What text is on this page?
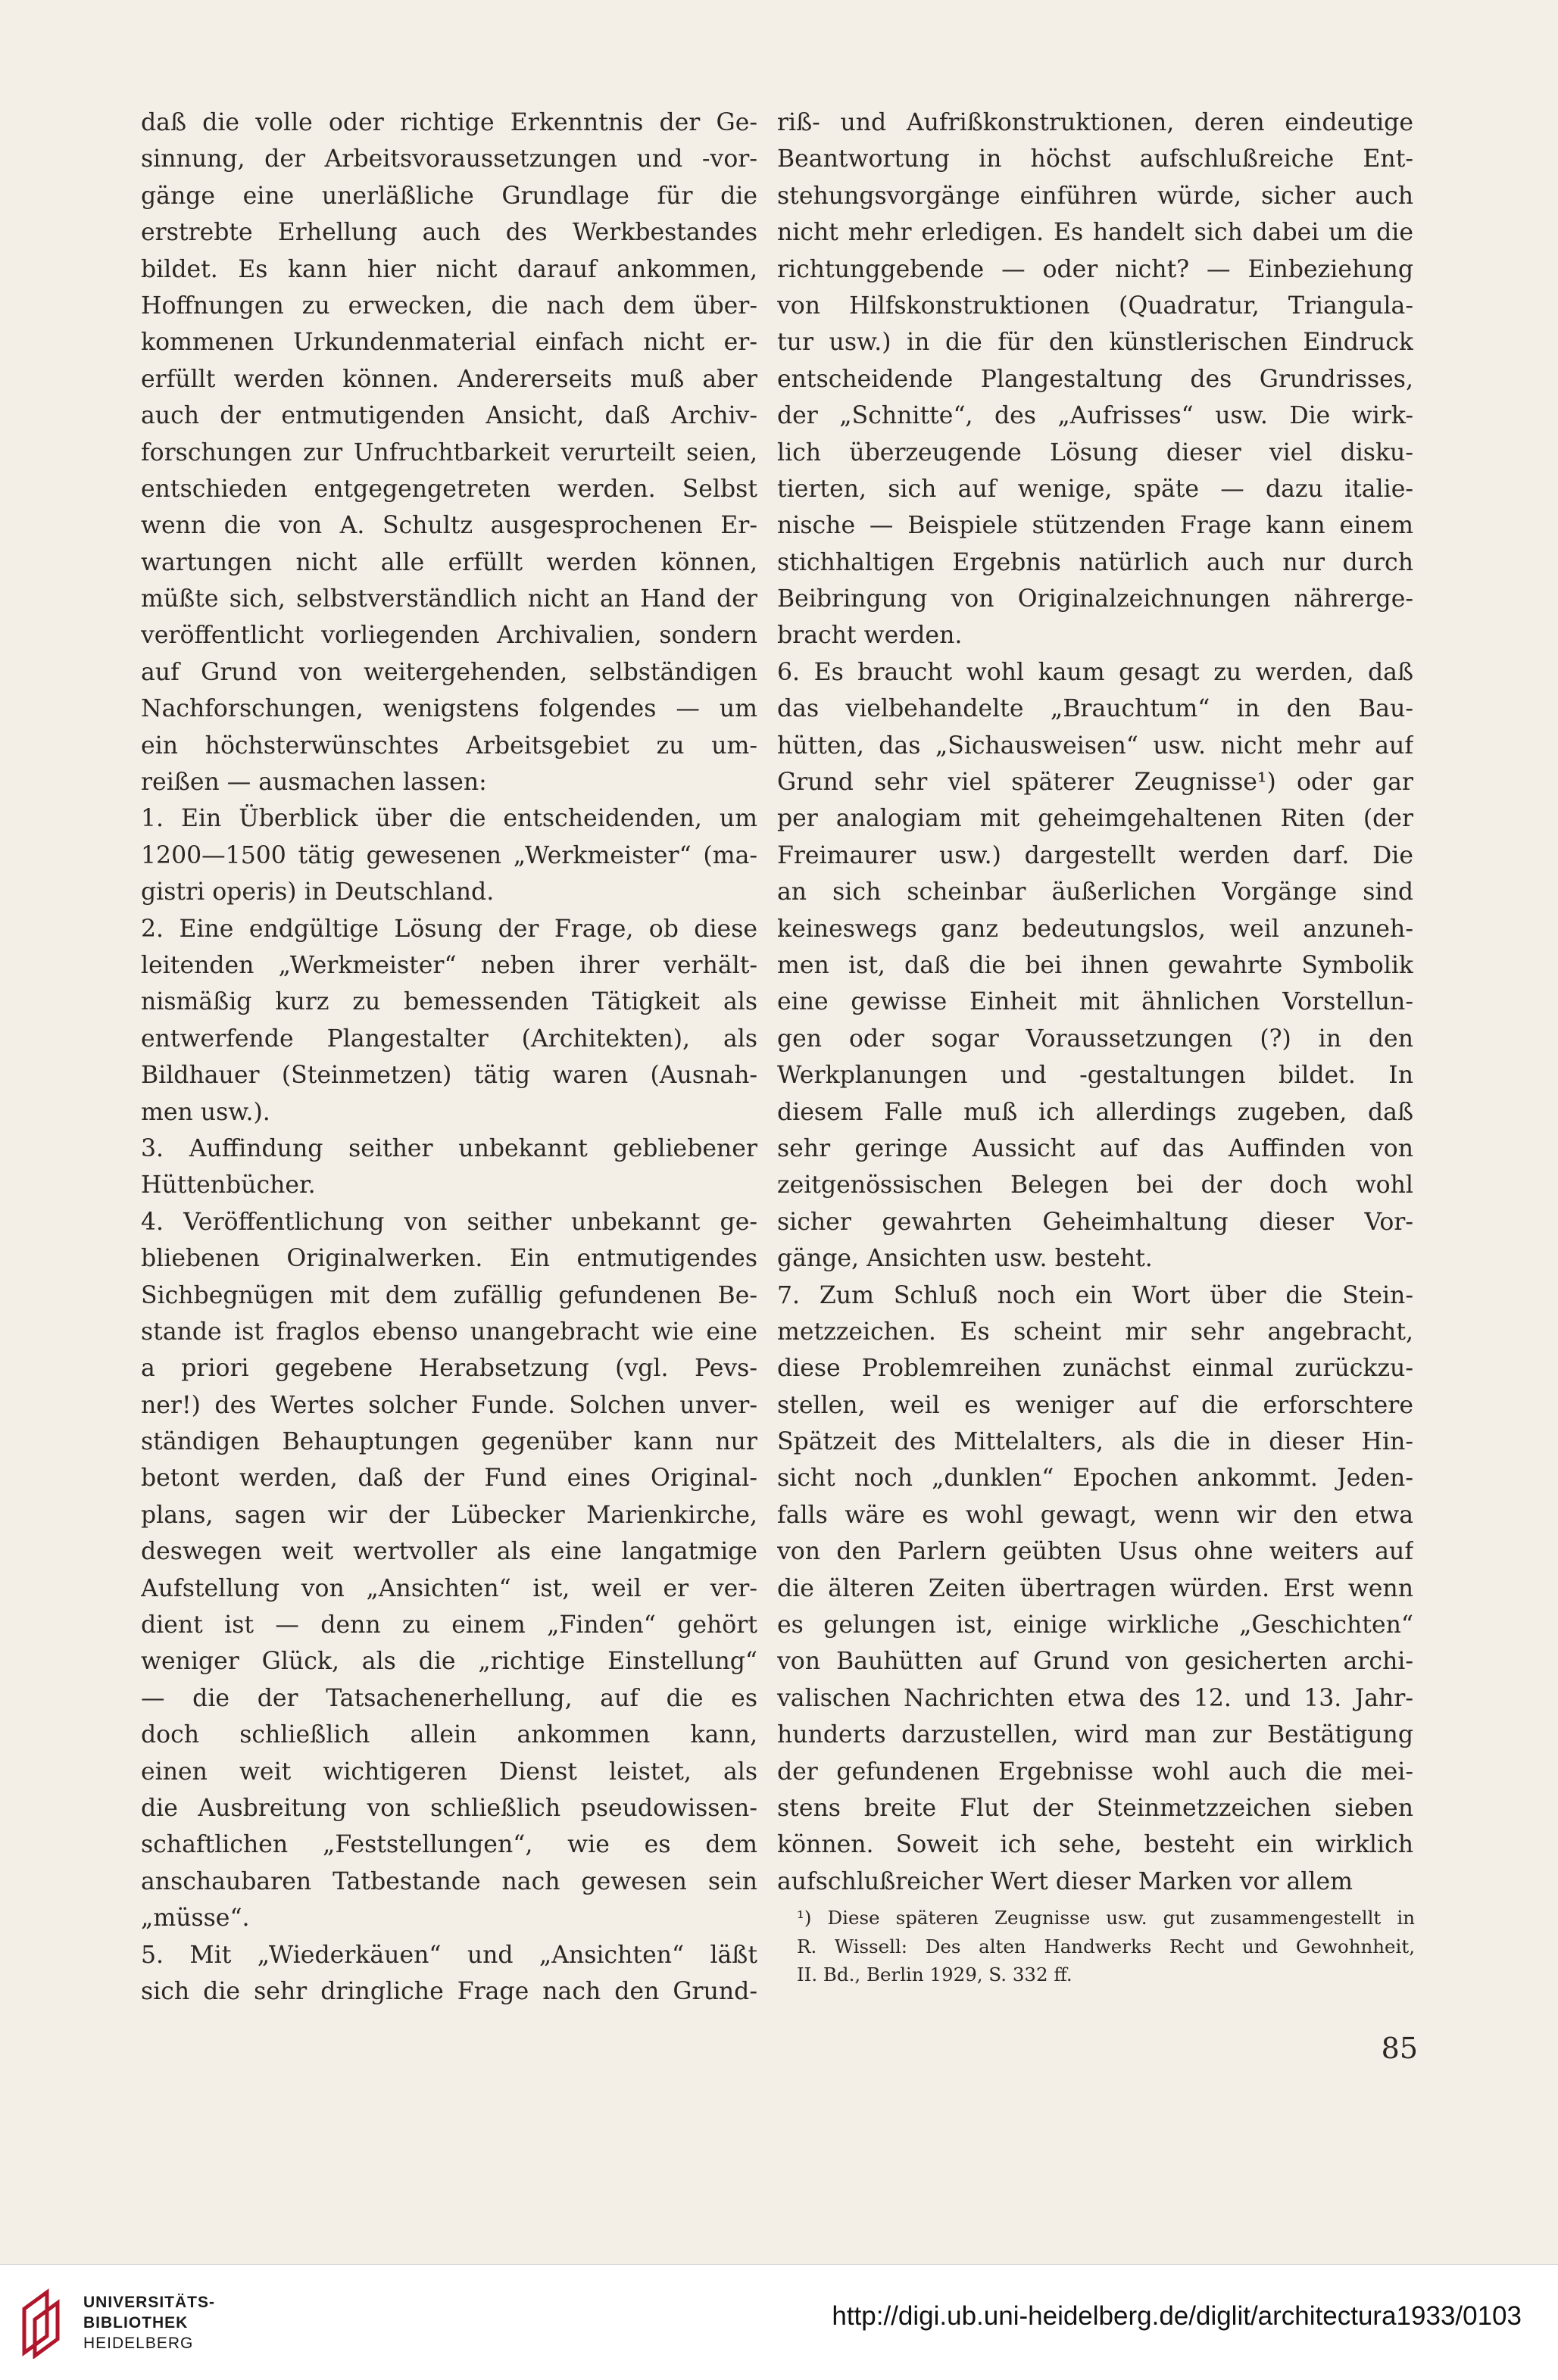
daß die volle oder richtige Erkenntnis der Ge-
sinnung, der Arbeitsvoraussetzungen und -vor-
gänge eine unerläßliche Grundlage für die
erstrebte Erhellung auch des Werkbestandes
bildet. Es kann hier nicht darauf ankommen,
Hoffnungen zu erwecken, die nach dem über-
kommenen Urkundenmaterial einfach nicht er-
erfüllt werden können. Andererseits muß aber
auch der entmutigenden Ansicht, daß Archiv-
forschungen zur Unfruchtbarkeit verurteilt seien,
entschieden entgegengetreten werden. Selbst
wenn die von A. Schultz ausgesprochenen Er-
wartungen nicht alle erfüllt werden können,
müßte sich, selbstverständlich nicht an Hand der
veröffentlicht vorliegenden Archivalien, sondern
auf Grund von weitergehenden, selbständigen
Nachforschungen, wenigstens folgendes — um
ein höchsterwünschtes Arbeitsgebiet zu um-
reißen — ausmachen lassen:
1. Ein Überblick über die entscheidenden, um
1200—1500 tätig gewesenen „Werkmeister“ (ma-
gistri operis) in Deutschland.
2. Eine endgültige Lösung der Frage, ob diese
leitenden „Werkmeister“ neben ihrer verhält-
nismäßig kurz zu bemessenden Tätigkeit als
entwerfende Plangestalter (Architekten), als
Bildhauer (Steinmetzen) tätig waren (Ausnah-
men usw.).
3. Auffindung seither unbekannt gebliebener
Hüttenbücher.
4. Veröffentlichung von seither unbekannt ge-
bliebenen Originalwerken. Ein entmutigendes
Sichbegnügen mit dem zufällig gefundenen Be-
stande ist fraglos ebenso unangebracht wie eine
a priori gegebene Herabsetzung (vgl. Pevs-
ner!) des Wertes solcher Funde. Solchen unver-
ständigen Behauptungen gegenüber kann nur
betont werden, daß der Fund eines Original-
plans, sagen wir der Lübecker Marienkirche,
deswegen weit wertvoller als eine langatmige
Aufstellung von „Ansichten“ ist, weil er ver-
dient ist — denn zu einem „Finden“ gehört
weniger Glück, als die „richtige Einstellung“
— die der Tatsachenerhellung, auf die es
doch schließlich allein ankommen kann,
einen weit wichtigeren Dienst leistet, als
die Ausbreitung von schließlich pseudowissen-
schaftlichen „Feststellungen“, wie es dem
anschaubaren Tatbestande nach gewesen sein
„müsse“.
5. Mit „Wiederkäuen“ und „Ansichten“ läßt
sich die sehr dringliche Frage nach den Grund-
riß- und Aufrißkonstruktionen, deren eindeutige
Beantwortung in höchst aufschlußreiche Ent-
stehungsvorgänge einführen würde, sicher auch
nicht mehr erledigen. Es handelt sich dabei um die
richtunggebende — oder nicht? — Einbeziehung
von Hilfskonstruktionen (Quadratur, Triangula-
tur usw.) in die für den künstlerischen Eindruck
entscheidende Plangestaltung des Grundrisses,
der „Schnitte“, des „Aufrisses“ usw. Die wirk-
lich überzeugende Lösung dieser viel disku-
tierten, sich auf wenige, späte — dazu italie-
nische — Beispiele stützenden Frage kann einem
stichhaltigen Ergebnis natürlich auch nur durch
Beibringung von Originalzeichnungen nährerge-
bracht werden.
6. Es braucht wohl kaum gesagt zu werden, daß
das vielbehandelte „Brauchtum“ in den Bau-
hütten, das „Sichausweisen“ usw. nicht mehr auf
Grund sehr viel späterer Zeugnisse¹) oder gar
per analogiam mit geheimgehaltenen Riten (der
Freimaurer usw.) dargestellt werden darf. Die
an sich scheinbar äußerlichen Vorgänge sind
keineswegs ganz bedeutungslos, weil anzuneh-
men ist, daß die bei ihnen gewahrte Symbolik
eine gewisse Einheit mit ähnlichen Vorstellun-
gen oder sogar Voraussetzungen (?) in den
Werkplanungen und -gestaltungen bildet. In
diesem Falle muß ich allerdings zugeben, daß
sehr geringe Aussicht auf das Auffinden von
zeitgenössischen Belegen bei der doch wohl
sicher gewahrten Geheimhaltung dieser Vor-
gänge, Ansichten usw. besteht.
7. Zum Schluß noch ein Wort über die Stein-
metzzeichen. Es scheint mir sehr angebracht,
diese Problemreihen zunächst einmal zurückzu-
stellen, weil es weniger auf die erforschtere
Spätzeit des Mittelalters, als die in dieser Hin-
sicht noch „dunklen“ Epochen ankommt. Jeden-
falls wäre es wohl gewagt, wenn wir den etwa
von den Parlern geübten Usus ohne weiters auf
die älteren Zeiten übertragen würden. Erst wenn
es gelungen ist, einige wirkliche „Geschichten“
von Bauhütten auf Grund von gesicherten archi-
valischen Nachrichten etwa des 12. und 13. Jahr-
hunderts darzustellen, wird man zur Bestätigung
der gefundenen Ergebnisse wohl auch die mei-
stens breite Flut der Steinmetzzeichen sieben
können. Soweit ich sehe, besteht ein wirklich
aufschlußreicher Wert dieser Marken vor allem
¹) Diese späteren Zeugnisse usw. gut zusammengestellt in
R. Wissell: Des alten Handwerks Recht und Gewohnheit,
II. Bd., Berlin 1929, S. 332 ff.
85
UNIVERSITÄTS-
BIBLIOTHEK
HEIDELBERG
http://digi.ub.uni-heidelberg.de/diglit/architectura1933/0103
